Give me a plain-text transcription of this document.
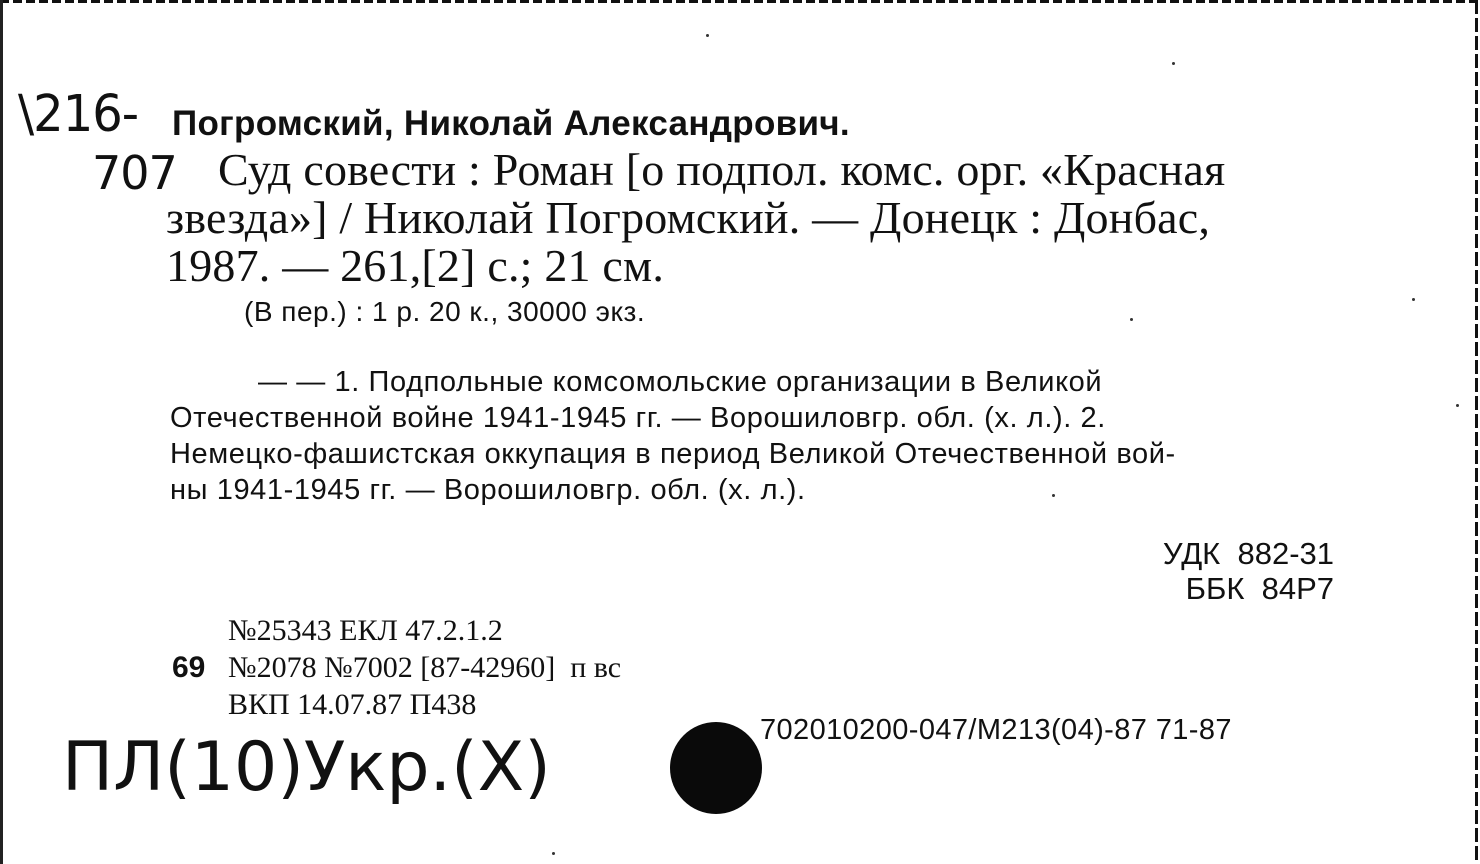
\216-
707
Погромский, Николай Александрович.
Суд совести : Роман [о подпол. комс. орг. «Красная
звезда»] / Николай Погромский. — Донецк : Донбас,
1987. — 261,[2] с.; 21 см.
(В пер.) : 1 р. 20 к., 30000 экз.
— — 1. Подпольные комсомольские организации в Великой
Отечественной войне 1941-1945 гг. — Ворошиловгр. обл. (х. л.). 2.
Немецко-фашистская оккупация в период Великой Отечественной вой-
ны 1941-1945 гг. — Ворошиловгр. обл. (х. л.).
УДК  882-31
ББК  84Р7
№25343 ЕКЛ 47.2.1.2
69 №2078 №7002 [87-42960]  п вс
ВКП 14.07.87 П438
702010200-047/М213(04)-87 71-87
ПЛ(10)Укр.(Х)
